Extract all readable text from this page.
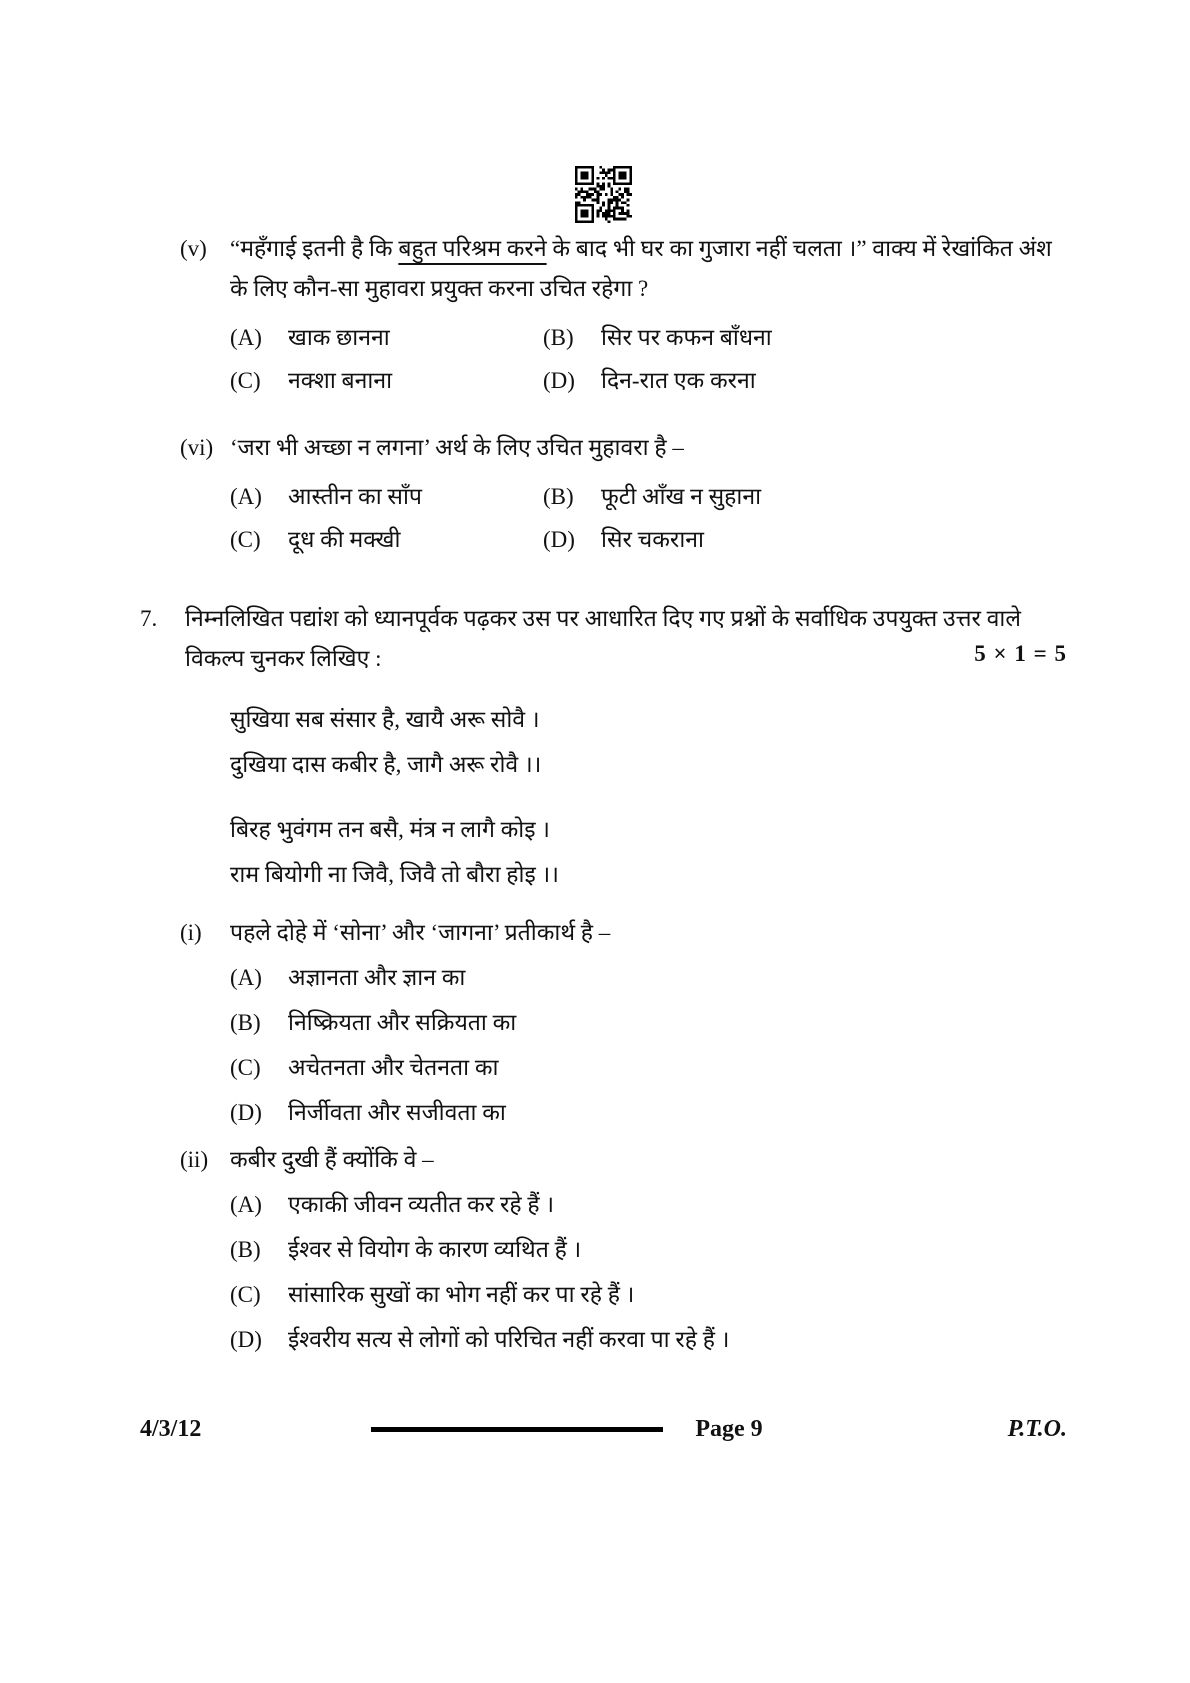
(v)	“महँगाई इतनी है कि बहुत परिश्रम करने के बाद भी घर का गुजारा नहीं चलता ।” वाक्य में रेखांकित अंश के लिए कौन-सा मुहावरा प्रयुक्त करना उचित रहेगा ?

(A)	खाक छानना	(B)	सिर पर कफन बाँधना
(C)	नक्शा बनाना	(D)	दिन-रात एक करना
(vi) ‘जरा भी अच्छा न लगना’ अर्थ के लिए उचित मुहावरा है –

(A)	आस्तीन का साँप	(B)	फूटी आँख न सुहाना
(C)	दूध की मक्खी	(D)	सिर चकराना
7.	निम्नलिखित पद्यांश को ध्यानपूर्वक पढ़कर उस पर आधारित दिए गए प्रश्नों के सर्वाधिक उपयुक्त उत्तर वाले विकल्प चुनकर लिखिए :	5 × 1 = 5

सुखिया सब संसार है, खायै अरू सोवै ।

दुखिया दास कबीर है, जागै अरू रोवै ।।

बिरह भुवंगम तन बसै, मंत्र न लागै कोइ ।

राम बियोगी ना जिवै, जिवै तो बौरा होइ ।।

(i)	पहले दोहे में ‘सोना’ और ‘जागना’ प्रतीकार्थ है –

(A)	अज्ञानता और ज्ञान का
(B)	निष्क्रियता और सक्रियता का
(C)	अचेतनता और चेतनता का
(D)	निर्जीवता और सजीवता का
(ii) कबीर दुखी हैं क्योंकि वे –

(A)	एकाकी जीवन व्यतीत कर रहे हैं ।
(B)	ईश्वर से वियोग के कारण व्यथित हैं ।
(C)	सांसारिक सुखों का भोग नहीं कर पा रहे हैं ।
(D)	ईश्वरीय सत्य से लोगों को परिचित नहीं करवा पा रहे हैं ।
4/3/12	Page 9	P.T.O.
